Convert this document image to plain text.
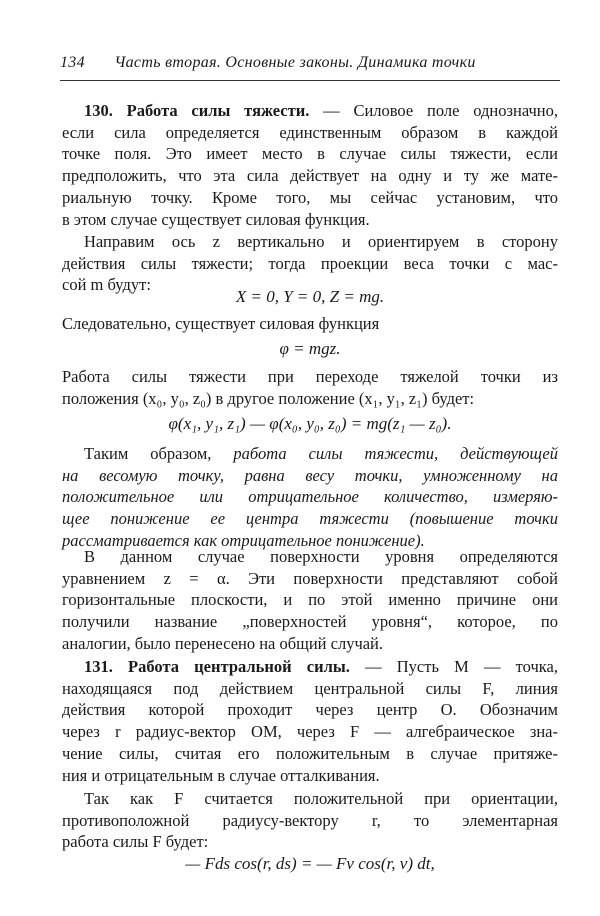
134 Часть вторая. Основные законы. Динамика точки
130. Работа силы тяжести. — Силовое поле однозначно,
если сила определяется единственным образом в каждой
точке поля. Это имеет место в случае силы тяжести, если
предположить, что эта сила действует на одну и ту же мате-
риальную точку. Кроме того, мы сейчас установим, что
в этом случае существует силовая функция.
Направим ось z вертикально и ориентируем в сторону
действия силы тяжести; тогда проекции веса точки с мас-
сой m будут:
X = 0, Y = 0, Z = mg.
Следовательно, существует силовая функция
φ = mgz.
Работа силы тяжести при переходе тяжелой точки из
положения (x₀, y₀, z₀) в другое положение (x₁, y₁, z₁) будет:
φ(x₁, y₁, z₁) — φ(x₀, y₀, z₀) = mg(z₁ — z₀).
Таким образом, работа силы тяжести, действующей
на весомую точку, равна весу точки, умноженному на
положительное или отрицательное количество, измеряю-
щее понижение ее центра тяжести (повышение точки
рассматривается как отрицательное понижение).
В данном случае поверхности уровня определяются
уравнением z = α. Эти поверхности представляют собой
горизонтальные плоскости, и по этой именно причине они
получили название „поверхностей уровня“, которое, по
аналогии, было перенесено на общий случай.
131. Работа центральной силы. — Пусть M — точка,
находящаяся под действием центральной силы F, линия
действия которой проходит через центр O. Обозначим
через r радиус-вектор OM, через F — алгебраическое зна-
чение силы, считая его положительным в случае притяже-
ния и отрицательным в случае отталкивания.
Так как F считается положительной при ориентации,
противоположной радиусу-вектору r, то элементарная
работа силы F будет:
— Fds cos(r, ds) = — Fv cos(r, v) dt,
